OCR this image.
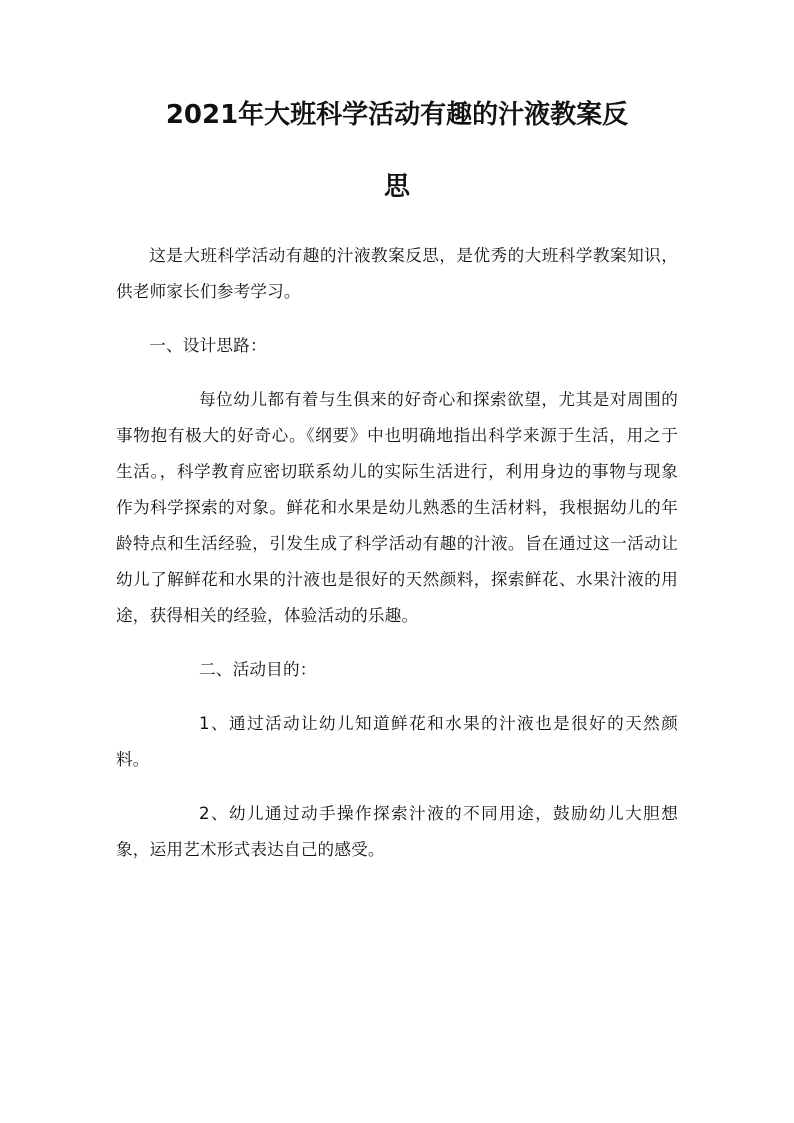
2021年大班科学活动有趣的汁液教案反
思

这是大班科学活动有趣的汁液教案反思，是优秀的大班科学教案知识，供老师家长们参考学习。

一、设计思路：

每位幼儿都有着与生俱来的好奇心和探索欲望，尤其是对周围的事物抱有极大的好奇心。《纲要》中也明确地指出科学来源于生活，用之于生活。，科学教育应密切联系幼儿的实际生活进行，利用身边的事物与现象作为科学探索的对象。鲜花和水果是幼儿熟悉的生活材料，我根据幼儿的年龄特点和生活经验，引发生成了科学活动有趣的汁液。旨在通过这一活动让幼儿了解鲜花和水果的汁液也是很好的天然颜料，探索鲜花、水果汁液的用途，获得相关的经验，体验活动的乐趣。

二、活动目的：

1、通过活动让幼儿知道鲜花和水果的汁液也是很好的天然颜料。

2、幼儿通过动手操作探索汁液的不同用途，鼓励幼儿大胆想象，运用艺术形式表达自己的感受。
